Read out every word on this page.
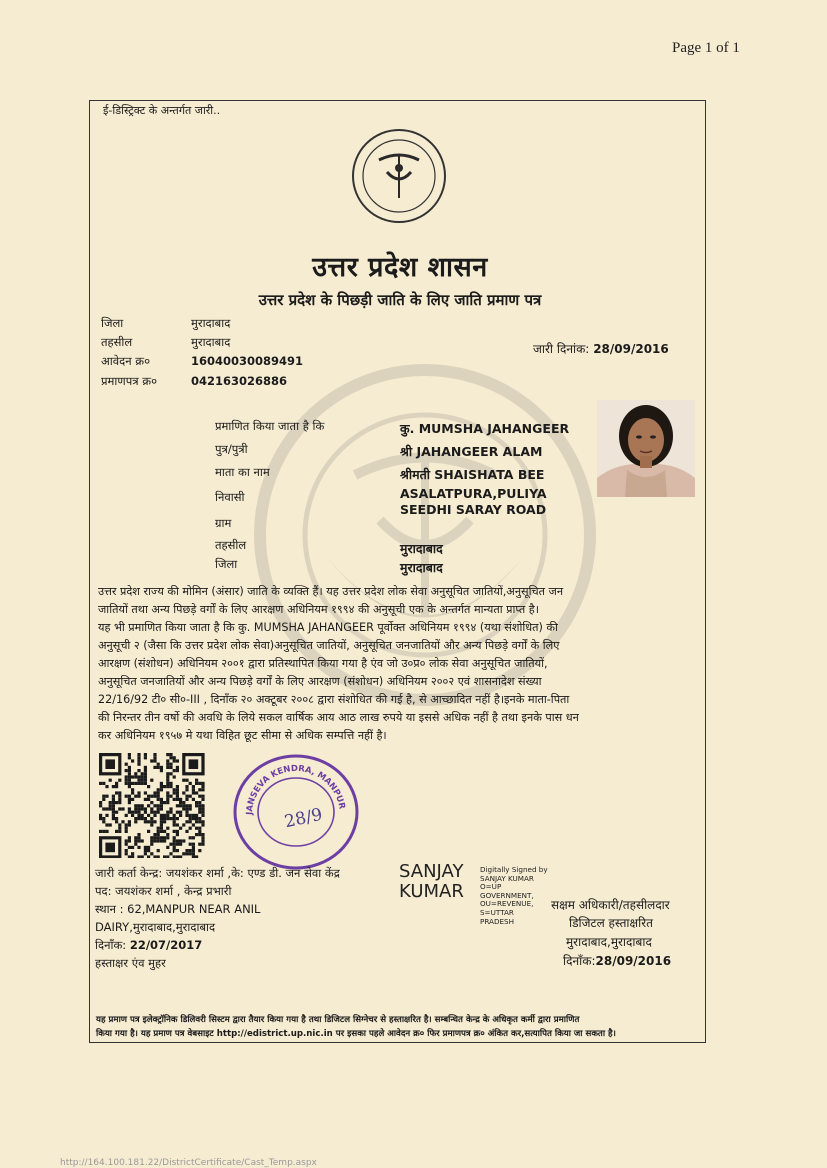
Page 1 of 1
ई-डिस्ट्रिक्ट के अन्तर्गत जारी..
उत्तर प्रदेश शासन
उत्तर प्रदेश के पिछड़ी जाति के लिए जाति प्रमाण पत्र
जिला	मुरादाबाद
तहसील	मुरादाबाद
आवेदन क्र०	16040030089491
प्रमाणपत्र क्र०	042163026886
जारी दिनांक: 28/09/2016
प्रमाणित किया जाता है कि	कु. MUMSHA JAHANGEER
पुत्र/पुत्री	श्री JAHANGEER ALAM
माता का नाम	श्रीमती SHAISHATA BEE
निवासी	ASALATPURA,PULIYA
SEEDHI SARAY ROAD
ग्राम
तहसील	मुरादाबाद
जिला	मुरादाबाद
उत्तर प्रदेश राज्य की मोमिन (अंसार) जाति के व्यक्ति हैं। यह उत्तर प्रदेश लोक सेवा अनुसूचित जातियों,अनुसूचित जन
जातियों तथा अन्य पिछड़े वर्गों के लिए आरक्षण अधिनियम १९९४ की अनुसूची एक के अन्तर्गत मान्यता प्राप्त है।
यह भी प्रमाणित किया जाता है कि कु. MUMSHA JAHANGEER पूर्वोक्त अधिनियम १९९४ (यथा संशोधित) की
अनुसूची २ (जैसा कि उत्तर प्रदेश लोक सेवा)अनुसूचित जातियों, अनुसूचित जनजातियों और अन्य पिछड़े वर्गों के लिए
आरक्षण (संशोधन) अधिनियम २००१ द्वारा प्रतिस्थापित किया गया है एंव जो उ०प्र० लोक सेवा अनुसूचित जातियों,
अनुसूचित जनजातियों और अन्य पिछड़े वर्गों के लिए आरक्षण (संशोधन) अधिनियम २००२ एवं शासनादेश संख्या
22/16/92 टी० सी०-III , दिनाँक २० अक्टूबर २००८ द्वारा संशोधित की गई है, से आच्छादित नहीं है।इनके माता-पिता
की निरन्तर तीन वर्षो की अवधि के लिये सकल वार्षिक आय आठ लाख रुपये या इससे अधिक नहीं है तथा इनके पास धन
कर अधिनियम १९५७ मे यथा विहित छूट सीमा से अधिक सम्पत्ति नहीं है।
JANSEVA KENDRA, MANPUR
28/9
जारी कर्ता केन्द्र: जयशंकर शर्मा ,के: एण्ड डी. जन सेवा केंद्र
पद: जयशंकर शर्मा , केन्द्र प्रभारी
स्थान : 62,MANPUR NEAR ANIL
DAIRY,मुरादाबाद,मुरादाबाद
दिनाँक: 22/07/2017
हस्ताक्षर एंव मुहर
SANJAY
KUMAR
Digitally Signed by
SANJAY KUMAR
O=UP
GOVERNMENT,
OU=REVENUE,
S=UTTAR
PRADESH
सक्षम अधिकारी/तहसीलदार
डिजिटल हस्ताक्षरित
मुरादाबाद,मुरादाबाद
दिनाँक:28/09/2016
यह प्रमाण पत्र इलेक्ट्रॉनिक डिलिवरी सिस्टम द्वारा तैयार किया गया है तथा डिजिटल सिग्नेचर से हस्ताक्षरित है। सम्बन्धित केन्द्र के अधिकृत कर्मी द्वारा प्रमाणित
किया गया है। यह प्रमाण पत्र वेबसाइट http://edistrict.up.nic.in पर इसका पहले आवेदन क्र० फिर प्रमाणपत्र क्र० अंकित कर,सत्यापित किया जा सकता है।
http://164.100.181.22/DistrictCertificate/Cast_Temp.aspx
